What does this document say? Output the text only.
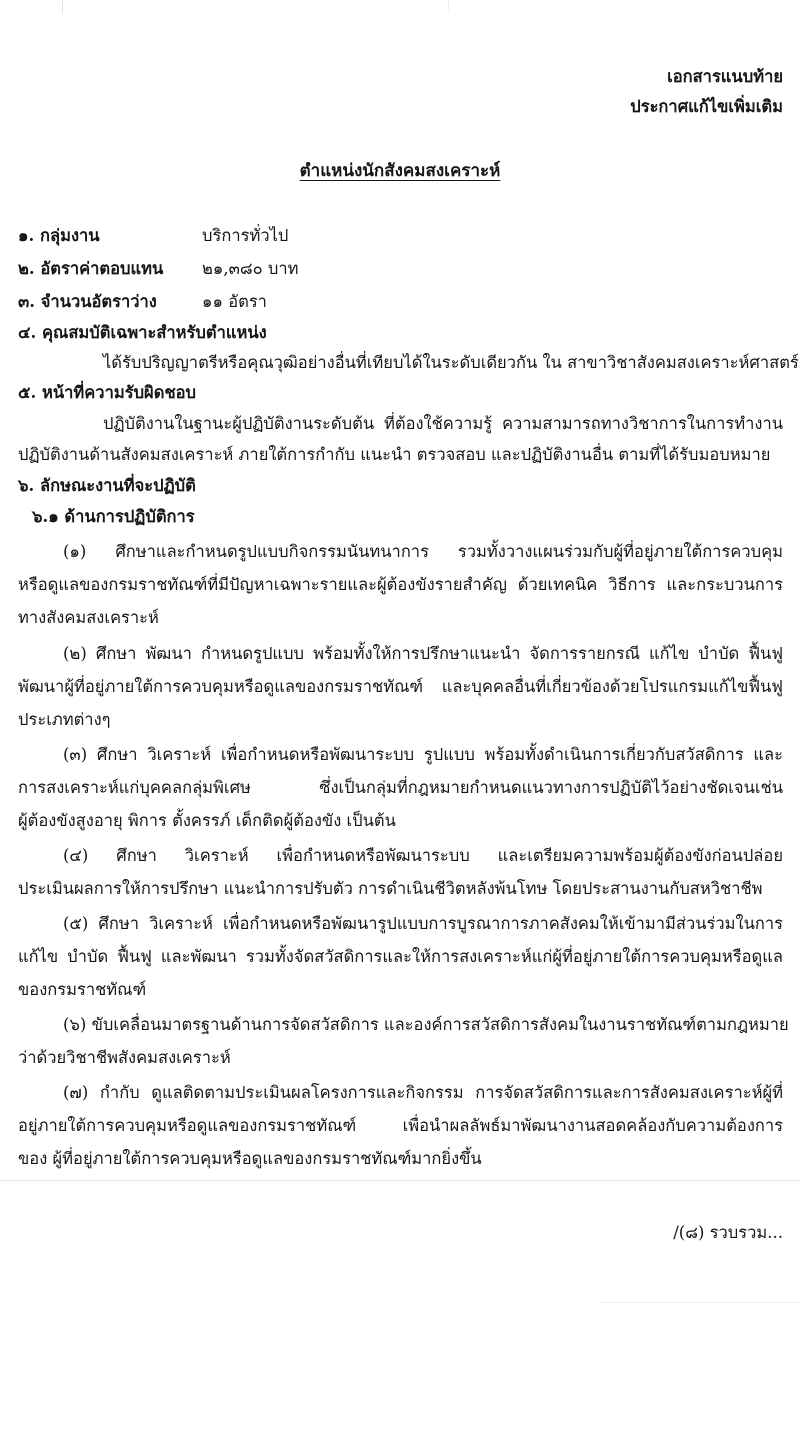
เอกสารแนบท้าย
ประกาศแก้ไขเพิ่มเติม
ตำแหน่งนักสังคมสงเคราะห์
๑. กลุ่มงาน	บริการทั่วไป
๒. อัตราค่าตอบแทน ๒๑,๓๘๐ บาท
๓. จำนวนอัตราว่าง	๑๑ อัตรา
๔. คุณสมบัติเฉพาะสำหรับตำแหน่ง
ได้รับปริญญาตรีหรือคุณวุฒิอย่างอื่นที่เทียบได้ในระดับเดียวกัน ใน สาขาวิชาสังคมสงเคราะห์ศาสตร์
๕. หน้าที่ความรับผิดชอบ
ปฏิบัติงานในฐานะผู้ปฏิบัติงานระดับต้น ที่ต้องใช้ความรู้ ความสามารถทางวิชาการในการทำงาน
ปฏิบัติงานด้านสังคมสงเคราะห์ ภายใต้การกำกับ แนะนำ ตรวจสอบ และปฏิบัติงานอื่น ตามที่ได้รับมอบหมาย
๖. ลักษณะงานที่จะปฏิบัติ
๖.๑ ด้านการปฏิบัติการ
(๑) ศึกษาและกำหนดรูปแบบกิจกรรมนันทนาการ รวมทั้งวางแผนร่วมกับผู้ที่อยู่ภายใต้การควบคุม
หรือดูแลของกรมราชทัณฑ์ที่มีปัญหาเฉพาะรายและผู้ต้องขังรายสำคัญ ด้วยเทคนิค วิธีการ และกระบวนการ
ทางสังคมสงเคราะห์
(๒) ศึกษา พัฒนา กำหนดรูปแบบ พร้อมทั้งให้การปรึกษาแนะนำ จัดการรายกรณี แก้ไข บำบัด ฟื้นฟู
พัฒนาผู้ที่อยู่ภายใต้การควบคุมหรือดูแลของกรมราชทัณฑ์ และบุคคลอื่นที่เกี่ยวข้องด้วยโปรแกรมแก้ไขฟื้นฟู
ประเภทต่างๆ
(๓) ศึกษา วิเคราะห์ เพื่อกำหนดหรือพัฒนาระบบ รูปแบบ พร้อมทั้งดำเนินการเกี่ยวกับสวัสดิการ และ
การสงเคราะห์แก่บุคคลกลุ่มพิเศษ ซึ่งเป็นกลุ่มที่กฎหมายกำหนดแนวทางการปฏิบัติไว้อย่างชัดเจนเช่น
ผู้ต้องขังสูงอายุ พิการ ตั้งครรภ์ เด็กติดผู้ต้องขัง เป็นต้น
(๔) ศึกษา วิเคราะห์ เพื่อกำหนดหรือพัฒนาระบบ และเตรียมความพร้อมผู้ต้องขังก่อนปล่อย
ประเมินผลการให้การปรึกษา แนะนำการปรับตัว การดำเนินชีวิตหลังพ้นโทษ โดยประสานงานกับสหวิชาชีพ
(๕) ศึกษา วิเคราะห์ เพื่อกำหนดหรือพัฒนารูปแบบการบูรณาการภาคสังคมให้เข้ามามีส่วนร่วมในการ
แก้ไข บำบัด ฟื้นฟู และพัฒนา รวมทั้งจัดสวัสดิการและให้การสงเคราะห์แก่ผู้ที่อยู่ภายใต้การควบคุมหรือดูแล
ของกรมราชทัณฑ์
(๖) ขับเคลื่อนมาตรฐานด้านการจัดสวัสดิการ และองค์การสวัสดิการสังคมในงานราชทัณฑ์ตามกฎหมาย
ว่าด้วยวิชาชีพสังคมสงเคราะห์
(๗) กำกับ ดูแลติดตามประเมินผลโครงการและกิจกรรม การจัดสวัสดิการและการสังคมสงเคราะห์ผู้ที่
อยู่ภายใต้การควบคุมหรือดูแลของกรมราชทัณฑ์ เพื่อนำผลลัพธ์มาพัฒนางานสอดคล้องกับความต้องการ
ของ ผู้ที่อยู่ภายใต้การควบคุมหรือดูแลของกรมราชทัณฑ์มากยิ่งขึ้น
/(๘) รวบรวม...
